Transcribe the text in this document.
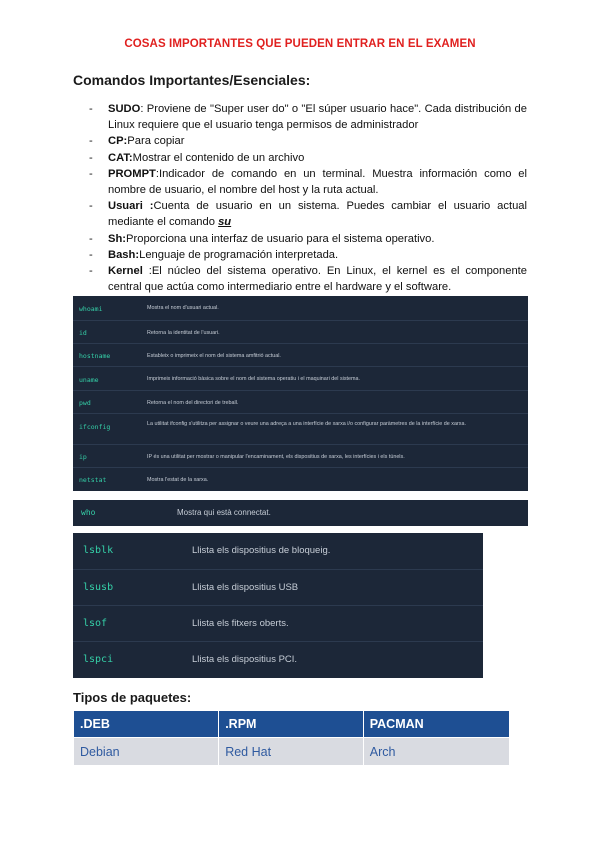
COSAS IMPORTANTES QUE PUEDEN ENTRAR EN EL EXAMEN
Comandos Importantes/Esenciales:
- SUDO: Proviene de "Super user do" o "El súper usuario hace". Cada distribución de Linux requiere que el usuario tenga permisos de administrador
- CP:Para copiar
- CAT:Mostrar el contenido de un archivo
- PROMPT:Indicador de comando en un terminal. Muestra información como el nombre de usuario, el nombre del host y la ruta actual.
- Usuari :Cuenta de usuario en un sistema. Puedes cambiar el usuario actual mediante el comando su
- Sh:Proporciona una interfaz de usuario para el sistema operativo.
- Bash:Lenguaje de programación interpretada.
- Kernel :El núcleo del sistema operativo. En Linux, el kernel es el componente central que actúa como intermediario entre el hardware y el software.
whoami	Mostra el nom d'usuari actual.
id	Retorna la identitat de l'usuari.
hostname	Estableix o imprimeix el nom del sistema amfitrió actual.
uname	Imprimeix informació bàsica sobre el nom del sistema operatiu i el maquinari del sistema.
pwd	Retorna el nom del directori de treball.
ifconfig	La utilitat ifconfig s'utilitza per assignar o veure una adreça a una interfície de xarxa i/o configurar paràmetres de la interfície de xarxa.
ip	IP és una utilitat per mostrar o manipular l'encaminament, els dispositius de xarxa, les interfícies i els túnels.
netstat	Mostra l'estat de la xarxa.
who	Mostra qui està connectat.
lsblk	Llista els dispositius de bloqueig.
lsusb	Llista els dispositius USB
lsof	Llista els fitxers oberts.
lspci	Llista els dispositius PCI.
Tipos de paquetes:
.DEB	.RPM	PACMAN
Debian	Red Hat	Arch
